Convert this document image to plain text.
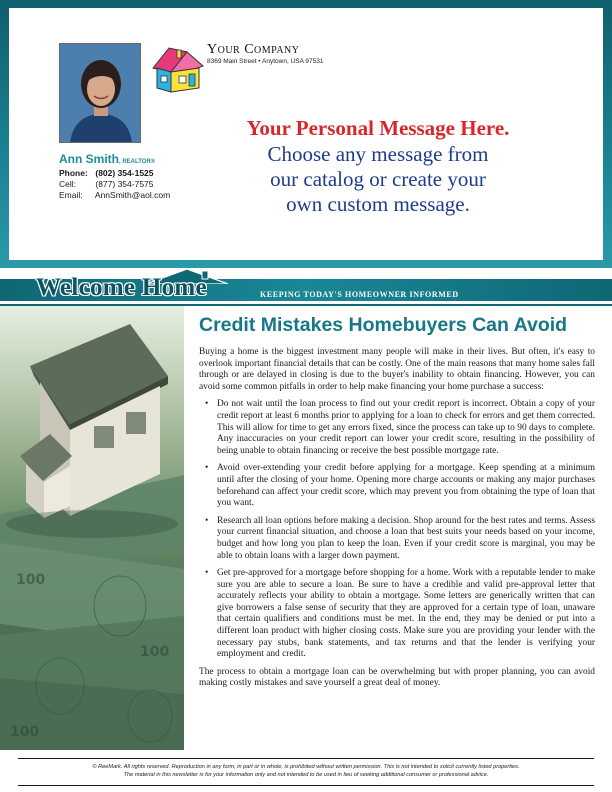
Your Company
8369 Main Street • Anytown, USA 97531
Ann Smith, REALTOR®
Phone: (802) 354-1525
Cell: (877) 354-7575
Email: AnnSmith@aol.com
Your Personal Message Here.
Choose any message from
our catalog or create your
own custom message.
Welcome Home	KEEPING TODAY'S HOMEOWNER INFORMED
100
100
100
Credit Mistakes Homebuyers Can Avoid

Buying a home is the biggest investment many people will make in their lives. But often, it's easy to overlook important financial details that can be costly. One of the main reasons that many home sales fall through or are delayed in closing is due to the buyer's inability to obtain financing. However, you can avoid some common pitfalls in order to help make financing your home purchase a success:

• Do not wait until the loan process to find out your credit report is incorrect. Obtain a copy of your credit report at least 6 months prior to applying for a loan to check for errors and get them corrected. This will allow for time to get any errors fixed, since the process can take up to 90 days to complete. Any inaccuracies on your credit report can lower your credit score, resulting in the possibility of being unable to obtain financing or receive the best possible mortgage rate.
• Avoid over-extending your credit before applying for a mortgage. Keep spending at a minimum until after the closing of your home. Opening more charge accounts or making any major purchases beforehand can affect your credit score, which may prevent you from obtaining the type of loan that you want.
• Research all loan options before making a decision. Shop around for the best rates and terms. Assess your current financial situation, and choose a loan that best suits your needs based on your income, budget and how long you plan to keep the loan. Even if your credit score is marginal, you may be able to obtain loans with a larger down payment.
• Get pre-approved for a mortgage before shopping for a home. Work with a reputable lender to make sure you are able to secure a loan. Be sure to have a credible and valid pre-approval letter that accurately reflects your ability to obtain a mortgage. Some letters are generically written that can give borrowers a false sense of security that they are approved for a certain type of loan, unaware that certain qualifiers and conditions must be met. In the end, they may be denied or put into a different loan product with higher closing costs. Make sure you are providing your lender with the necessary pay stubs, bank statements, and tax returns and that the lender is verifying your employment and credit.

The process to obtain a mortgage loan can be overwhelming but with proper planning, you can avoid making costly mistakes and save yourself a great deal of money.

© ReeMark. All rights reserved. Reproduction in any form, in part or in whole, is prohibited without written permission. This is not intended to solicit currently listed properties.
The material in this newsletter is for your information only and not intended to be used in lieu of seeking additional consumer or professional advice.
